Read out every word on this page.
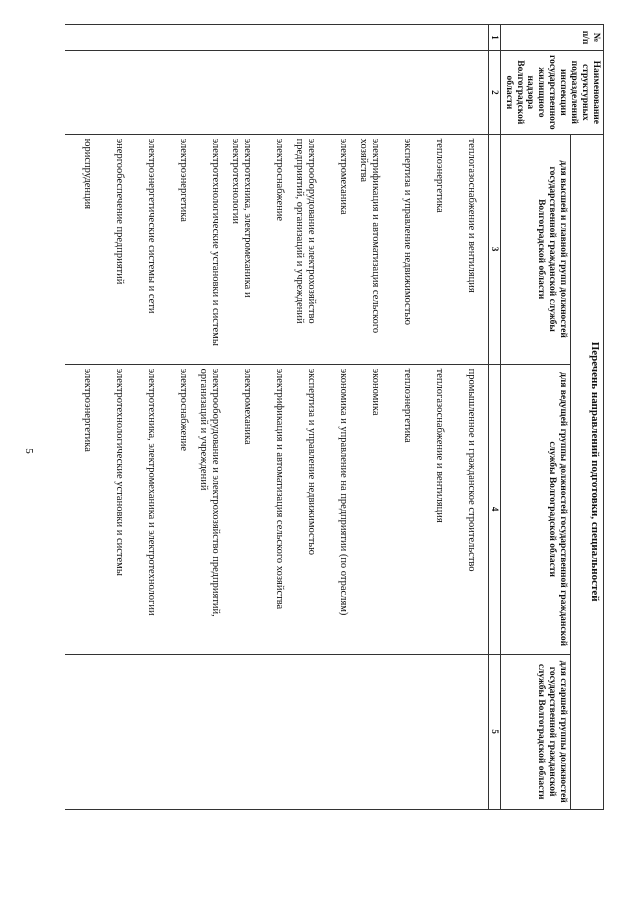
5
№ п/п	Наименование структурных подразделений инспекции государственного жилищного надзора Волгоградской области	Перечень направлений подготовки, специальностей		
		для высшей и главной групп должностей государственной гражданской службы Волгоградской области	для ведущей группы должностей государственной гражданской службы Волгоградской области	для старшей группы должностей государственной гражданской службы Волгоградской области
1	2	3	4	5

		теплогазоснабжение и вентиляция	промышленное и гражданское строительство	
		теплоэнергетика	теплогазоснабжение и вентиляция	
		экспертиза и управление недвижимостью	теплоэнергетика	
		электрификация и автоматизация сельского хозяйства	экономика	
		электромеханика	экономика и управление на предприятии (по отраслям)	
		электрооборудование и электрохозяйство предприятий, организаций и учреждений	экспертиза и управление недвижимостью	
		электроснабжение	электрификация и автоматизация сельского хозяйства	
		электротехника, электромеханика и электротехнологии	электромеханика	
		электротехнологические установки и системы	электрооборудование и электрохозяйство предприятий, организаций и учреждений	
		электроэнергетика	электроснабжение	
		электроэнергетические системы и сети	электротехника, электромеханика и электротехнологии	
		энергообеспечение предприятий	электротехнологические установки и системы	
		юриспруденция	электроэнергетика	
